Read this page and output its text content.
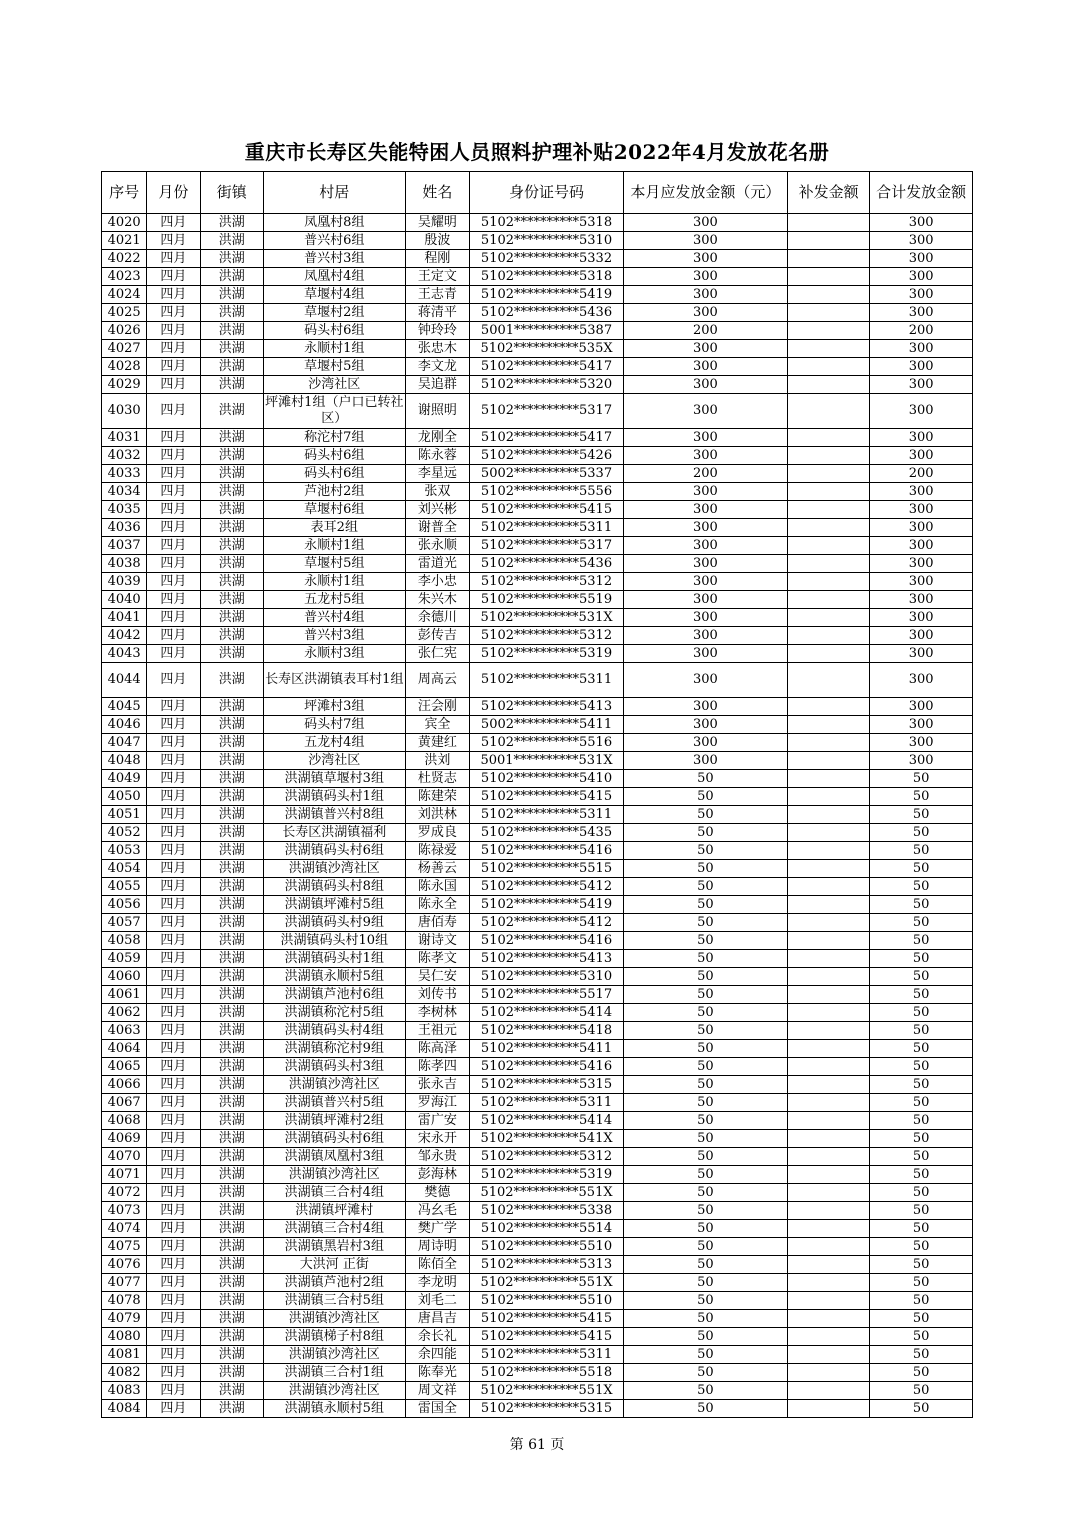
重庆市长寿区失能特困人员照料护理补贴2022年4月发放花名册
序号	月份	街镇	村居	姓名	身份证号码	本月应发放金额（元）	补发金额	合计发放金额
4020	四月	洪湖	凤凰村8组	吴耀明	5102**********5318	300		300
4021	四月	洪湖	普兴村6组	殷波	5102**********5310	300		300
4022	四月	洪湖	普兴村3组	程刚	5102**********5332	300		300
4023	四月	洪湖	凤凰村4组	王定文	5102**********5318	300		300
4024	四月	洪湖	草堰村4组	王志青	5102**********5419	300		300
4025	四月	洪湖	草堰村2组	蒋清平	5102**********5436	300		300
4026	四月	洪湖	码头村6组	钟玲玲	5001**********5387	200		200
4027	四月	洪湖	永顺村1组	张忠木	5102**********535X	300		300
4028	四月	洪湖	草堰村5组	李文龙	5102**********5417	300		300
4029	四月	洪湖	沙湾社区	吴追群	5102**********5320	300		300
4030	四月	洪湖	坪滩村1组（户口已转社区）	谢照明	5102**********5317	300		300
4031	四月	洪湖	称沱村7组	龙刚全	5102**********5417	300		300
4032	四月	洪湖	码头村6组	陈永蓉	5102**********5426	300		300
4033	四月	洪湖	码头村6组	李星远	5002**********5337	200		200
4034	四月	洪湖	芦池村2组	张双	5102**********5556	300		300
4035	四月	洪湖	草堰村6组	刘兴彬	5102**********5415	300		300
4036	四月	洪湖	表耳2组	谢普全	5102**********5311	300		300
4037	四月	洪湖	永顺村1组	张永顺	5102**********5317	300		300
4038	四月	洪湖	草堰村5组	雷道光	5102**********5436	300		300
4039	四月	洪湖	永顺村1组	李小忠	5102**********5312	300		300
4040	四月	洪湖	五龙村5组	朱兴木	5102**********5519	300		300
4041	四月	洪湖	普兴村4组	余德川	5102**********531X	300		300
4042	四月	洪湖	普兴村3组	彭传吉	5102**********5312	300		300
4043	四月	洪湖	永顺村3组	张仁宪	5102**********5319	300		300
4044	四月	洪湖	长寿区洪湖镇表耳村1组	周高云	5102**********5311	300		300
4045	四月	洪湖	坪滩村3组	汪会刚	5102**********5413	300		300
4046	四月	洪湖	码头村7组	宾全	5002**********5411	300		300
4047	四月	洪湖	五龙村4组	黄建红	5102**********5516	300		300
4048	四月	洪湖	沙湾社区	洪刘	5001**********531X	300		300
4049	四月	洪湖	洪湖镇草堰村3组	杜贤志	5102**********5410	50		50
4050	四月	洪湖	洪湖镇码头村1组	陈建荣	5102**********5415	50		50
4051	四月	洪湖	洪湖镇普兴村8组	刘洪林	5102**********5311	50		50
4052	四月	洪湖	长寿区洪湖镇福利	罗成良	5102**********5435	50		50
4053	四月	洪湖	洪湖镇码头村6组	陈禄爱	5102**********5416	50		50
4054	四月	洪湖	洪湖镇沙湾社区	杨善云	5102**********5515	50		50
4055	四月	洪湖	洪湖镇码头村8组	陈永国	5102**********5412	50		50
4056	四月	洪湖	洪湖镇坪滩村5组	陈永全	5102**********5419	50		50
4057	四月	洪湖	洪湖镇码头村9组	唐佰寿	5102**********5412	50		50
4058	四月	洪湖	洪湖镇码头村10组	谢诗文	5102**********5416	50		50
4059	四月	洪湖	洪湖镇码头村1组	陈孝文	5102**********5413	50		50
4060	四月	洪湖	洪湖镇永顺村5组	吴仁安	5102**********5310	50		50
4061	四月	洪湖	洪湖镇芦池村6组	刘传书	5102**********5517	50		50
4062	四月	洪湖	洪湖镇称沱村5组	李树林	5102**********5414	50		50
4063	四月	洪湖	洪湖镇码头村4组	王祖元	5102**********5418	50		50
4064	四月	洪湖	洪湖镇称沱村9组	陈高泽	5102**********5411	50		50
4065	四月	洪湖	洪湖镇码头村3组	陈孝四	5102**********5416	50		50
4066	四月	洪湖	洪湖镇沙湾社区	张永吉	5102**********5315	50		50
4067	四月	洪湖	洪湖镇普兴村5组	罗海江	5102**********5311	50		50
4068	四月	洪湖	洪湖镇坪滩村2组	雷广安	5102**********5414	50		50
4069	四月	洪湖	洪湖镇码头村6组	宋永开	5102**********541X	50		50
4070	四月	洪湖	洪湖镇凤凰村3组	邹永贵	5102**********5312	50		50
4071	四月	洪湖	洪湖镇沙湾社区	彭海林	5102**********5319	50		50
4072	四月	洪湖	洪湖镇三合村4组	樊德	5102**********551X	50		50
4073	四月	洪湖	洪湖镇坪滩村	冯幺毛	5102**********5338	50		50
4074	四月	洪湖	洪湖镇三合村4组	樊广学	5102**********5514	50		50
4075	四月	洪湖	洪湖镇黑岩村3组	周诗明	5102**********5510	50		50
4076	四月	洪湖	大洪河 正街	陈佰全	5102**********5313	50		50
4077	四月	洪湖	洪湖镇芦池村2组	李龙明	5102**********551X	50		50
4078	四月	洪湖	洪湖镇三合村5组	刘毛二	5102**********5510	50		50
4079	四月	洪湖	洪湖镇沙湾社区	唐昌吉	5102**********5415	50		50
4080	四月	洪湖	洪湖镇梯子村8组	余长礼	5102**********5415	50		50
4081	四月	洪湖	洪湖镇沙湾社区	余四能	5102**********5311	50		50
4082	四月	洪湖	洪湖镇三合村1组	陈奉光	5102**********5518	50		50
4083	四月	洪湖	洪湖镇沙湾社区	周文祥	5102**********551X	50		50
4084	四月	洪湖	洪湖镇永顺村5组	雷国全	5102**********5315	50		50
第 61 页
